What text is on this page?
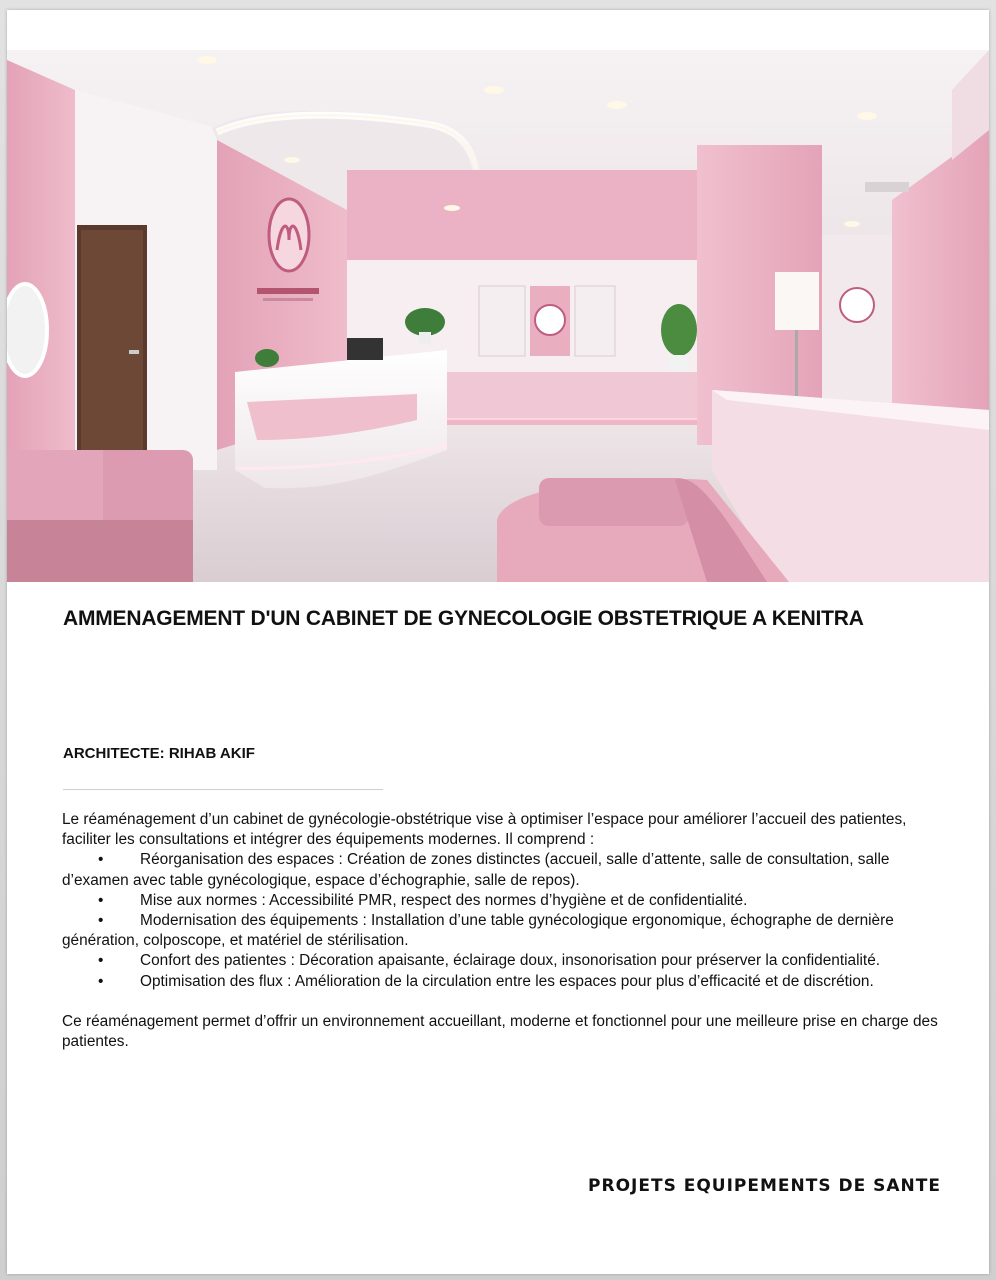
AMMENAGEMENT D'UN CABINET DE GYNECOLOGIE OBSTETRIQUE A KENITRA
ARCHITECTE: RIHAB AKIF

Le réaménagement d’un cabinet de gynécologie-obstétrique vise à optimiser l’espace pour améliorer l’accueil des patientes, faciliter les consultations et intégrer des équipements modernes. Il comprend :

• Réorganisation des espaces : Création de zones distinctes (accueil, salle d’attente, salle de consultation, salle d’examen avec table gynécologique, espace d’échographie, salle de repos).

• Mise aux normes : Accessibilité PMR, respect des normes d’hygiène et de confidentialité.

• Modernisation des équipements : Installation d’une table gynécologique ergonomique, échographe de dernière génération, colposcope, et matériel de stérilisation.

• Confort des patientes : Décoration apaisante, éclairage doux, insonorisation pour préserver la confidentialité.

• Optimisation des flux : Amélioration de la circulation entre les espaces pour plus d’efficacité et de discrétion.

Ce réaménagement permet d’offrir un environnement accueillant, moderne et fonctionnel pour une meilleure prise en charge des patientes.

PROJETS EQUIPEMENTS DE SANTE
